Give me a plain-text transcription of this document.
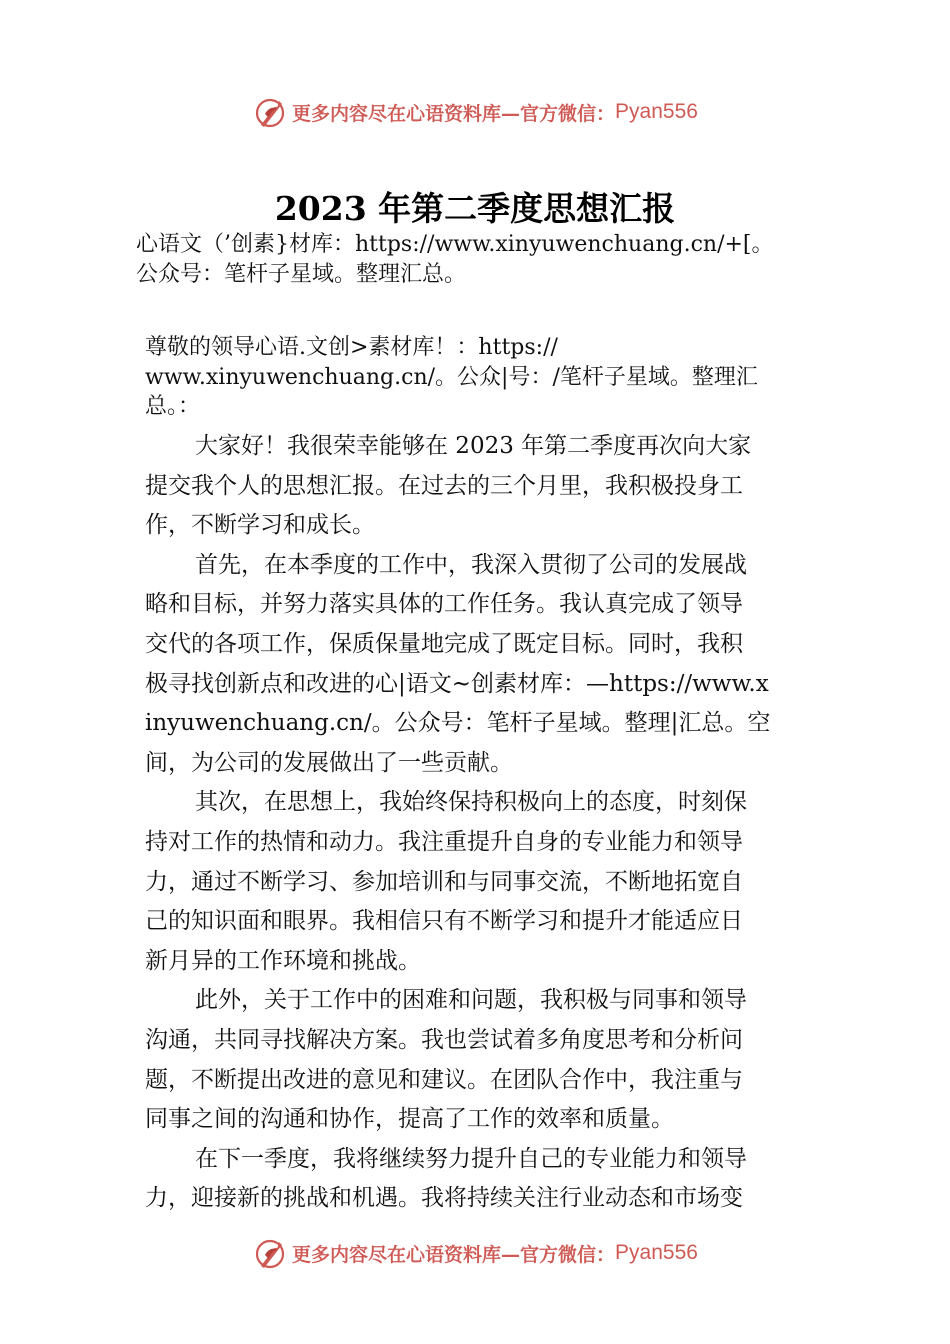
更多内容尽在心语资料库—官方微信： Pyan556
2023 年第二季度思想汇报
心语文（’创素}材库：https://www.xinyuwenchuang.cn/+[。
公众号：笔杆子星域。整理汇总。
尊敬的领导心语.文创>素材库！：https://
www.xinyuwenchuang.cn/。公众|号：/笔杆子星域。整理汇
总。：
大家好！我很荣幸能够在 2023 年第二季度再次向大家
提交我个人的思想汇报。在过去的三个月里，我积极投身工
作，不断学习和成长。
首先，在本季度的工作中，我深入贯彻了公司的发展战
略和目标，并努力落实具体的工作任务。我认真完成了领导
交代的各项工作，保质保量地完成了既定目标。同时，我积
极寻找创新点和改进的心|语文~创素材库：—https://www.x
inyuwenchuang.cn/。公众号：笔杆子星域。整理|汇总。空
间，为公司的发展做出了一些贡献。
其次，在思想上，我始终保持积极向上的态度，时刻保
持对工作的热情和动力。我注重提升自身的专业能力和领导
力，通过不断学习、参加培训和与同事交流，不断地拓宽自
己的知识面和眼界。我相信只有不断学习和提升才能适应日
新月异的工作环境和挑战。
此外，关于工作中的困难和问题，我积极与同事和领导
沟通，共同寻找解决方案。我也尝试着多角度思考和分析问
题，不断提出改进的意见和建议。在团队合作中，我注重与
同事之间的沟通和协作，提高了工作的效率和质量。
在下一季度，我将继续努力提升自己的专业能力和领导
力，迎接新的挑战和机遇。我将持续关注行业动态和市场变
更多内容尽在心语资料库—官方微信： Pyan556
